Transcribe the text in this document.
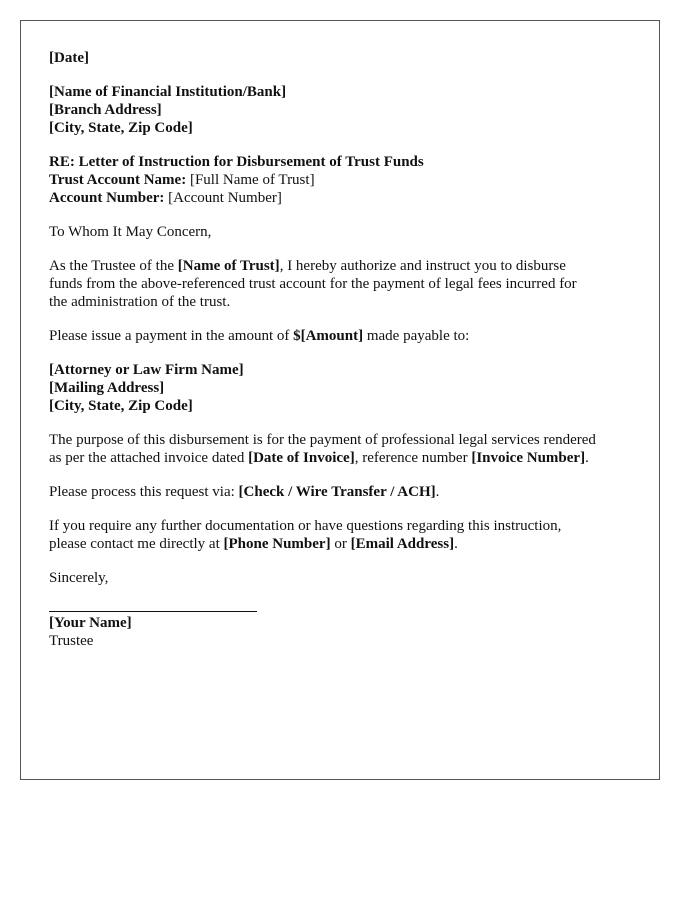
[Date]
[Name of Financial Institution/Bank]
[Branch Address]
[City, State, Zip Code]
RE: Letter of Instruction for Disbursement of Trust Funds
Trust Account Name: [Full Name of Trust]
Account Number: [Account Number]
To Whom It May Concern,
As the Trustee of the [Name of Trust], I hereby authorize and instruct you to disburse
funds from the above-referenced trust account for the payment of legal fees incurred for
the administration of the trust.
Please issue a payment in the amount of $[Amount] made payable to:
[Attorney or Law Firm Name]
[Mailing Address]
[City, State, Zip Code]
The purpose of this disbursement is for the payment of professional legal services rendered
as per the attached invoice dated [Date of Invoice], reference number [Invoice Number].
Please process this request via: [Check / Wire Transfer / ACH].
If you require any further documentation or have questions regarding this instruction,
please contact me directly at [Phone Number] or [Email Address].
Sincerely,
[Your Name]
Trustee
